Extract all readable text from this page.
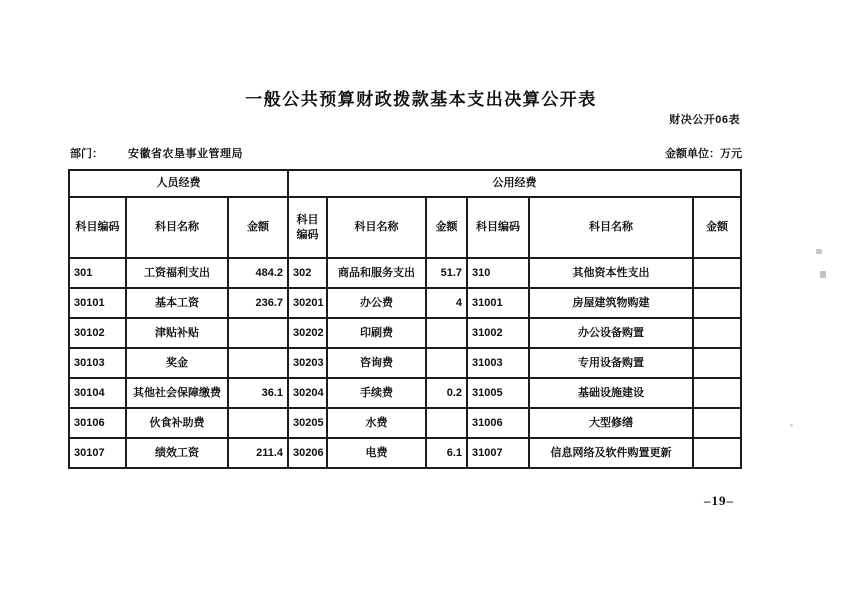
一般公共预算财政拨款基本支出决算公开表
财决公开06表
部门： 安徽省农垦事业管理局	金额单位：万元
人员经费			公用经费					
科目编码	科目名称	金额	科目编码	科目名称	金额	科目编码	科目名称	金额
301	工资福利支出	484.2	302	商品和服务支出	51.7	310	其他资本性支出	
30101	基本工资	236.7	30201	办公费	4	31001	房屋建筑物购建	
30102	津贴补贴		30202	印刷费		31002	办公设备购置	
30103	奖金		30203	咨询费		31003	专用设备购置	
30104	其他社会保障缴费	36.1	30204	手续费	0.2	31005	基础设施建设	
30106	伙食补助费		30205	水费		31006	大型修缮	
30107	绩效工资	211.4	30206	电费	6.1	31007	信息网络及软件购置更新	
–19–
